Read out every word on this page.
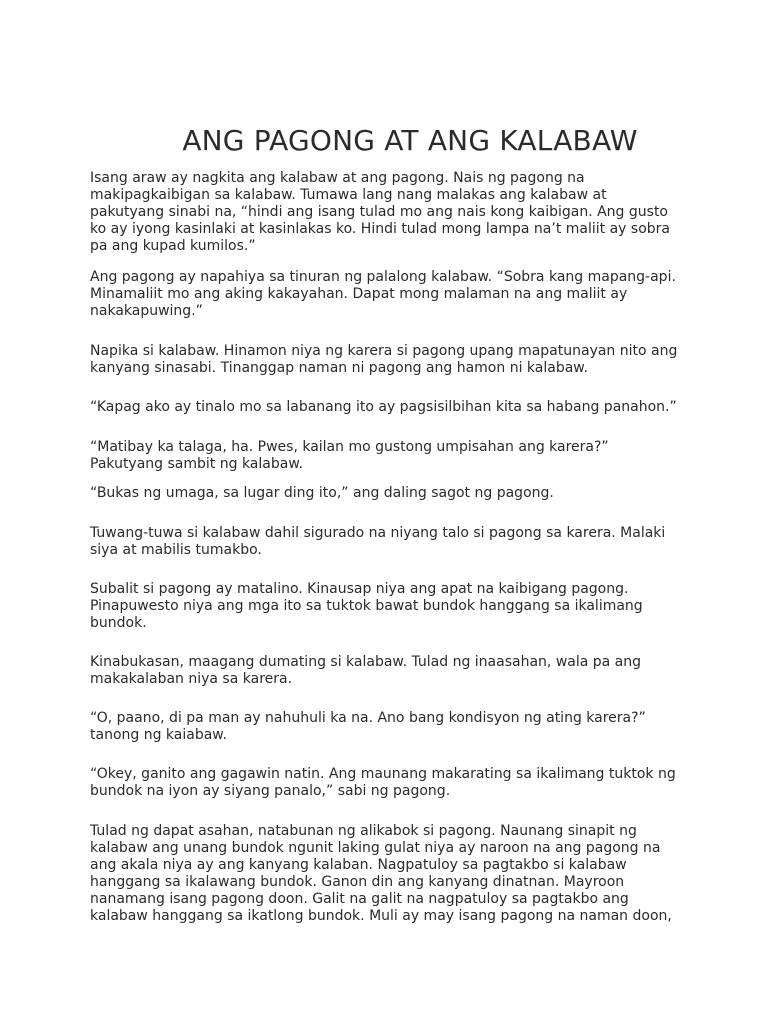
ANG PAGONG AT ANG KALABAW

Isang araw ay nagkita ang kalabaw at ang pagong. Nais ng pagong na makipagkaibigan sa kalabaw. Tumawa lang nang malakas ang kalabaw at pakutyang sinabi na, “hindi ang isang tulad mo ang nais kong kaibigan. Ang gusto ko ay iyong kasinlaki at kasinlakas ko. Hindi tulad mong lampa na’t maliit ay sobra pa ang kupad kumilos.”

Ang pagong ay napahiya sa tinuran ng palalong kalabaw. “Sobra kang mapang-api. Minamaliit mo ang aking kakayahan. Dapat mong malaman na ang maliit ay nakakapuwing.”

Napika si kalabaw. Hinamon niya ng karera si pagong upang mapatunayan nito ang kanyang sinasabi. Tinanggap naman ni pagong ang hamon ni kalabaw.

“Kapag ako ay tinalo mo sa labanang ito ay pagsisilbihan kita sa habang panahon.”

“Matibay ka talaga, ha. Pwes, kailan mo gustong umpisahan ang karera?” Pakutyang sambit ng kalabaw.

“Bukas ng umaga, sa lugar ding ito,” ang daling sagot ng pagong.

Tuwang-tuwa si kalabaw dahil sigurado na niyang talo si pagong sa karera. Malaki siya at mabilis tumakbo.

Subalit si pagong ay matalino. Kinausap niya ang apat na kaibigang pagong. Pinapuwesto niya ang mga ito sa tuktok bawat bundok hanggang sa ikalimang bundok.

Kinabukasan, maagang dumating si kalabaw. Tulad ng inaasahan, wala pa ang makakalaban niya sa karera.

“O, paano, di pa man ay nahuhuli ka na. Ano bang kondisyon ng ating karera?” tanong ng kaiabaw.

“Okey, ganito ang gagawin natin. Ang maunang makarating sa ikalimang tuktok ng bundok na iyon ay siyang panalo,” sabi ng pagong.

Tulad ng dapat asahan, natabunan ng alikabok si pagong. Naunang sinapit ng kalabaw ang unang bundok ngunit laking gulat niya ay naroon na ang pagong na ang akala niya ay ang kanyang kalaban. Nagpatuloy sa pagtakbo si kalabaw hanggang sa ikalawang bundok. Ganon din ang kanyang dinatnan. Mayroon nanamang isang pagong doon. Galit na galit na nagpatuloy sa pagtakbo ang kalabaw hanggang sa ikatlong bundok. Muli ay may isang pagong na naman doon,
